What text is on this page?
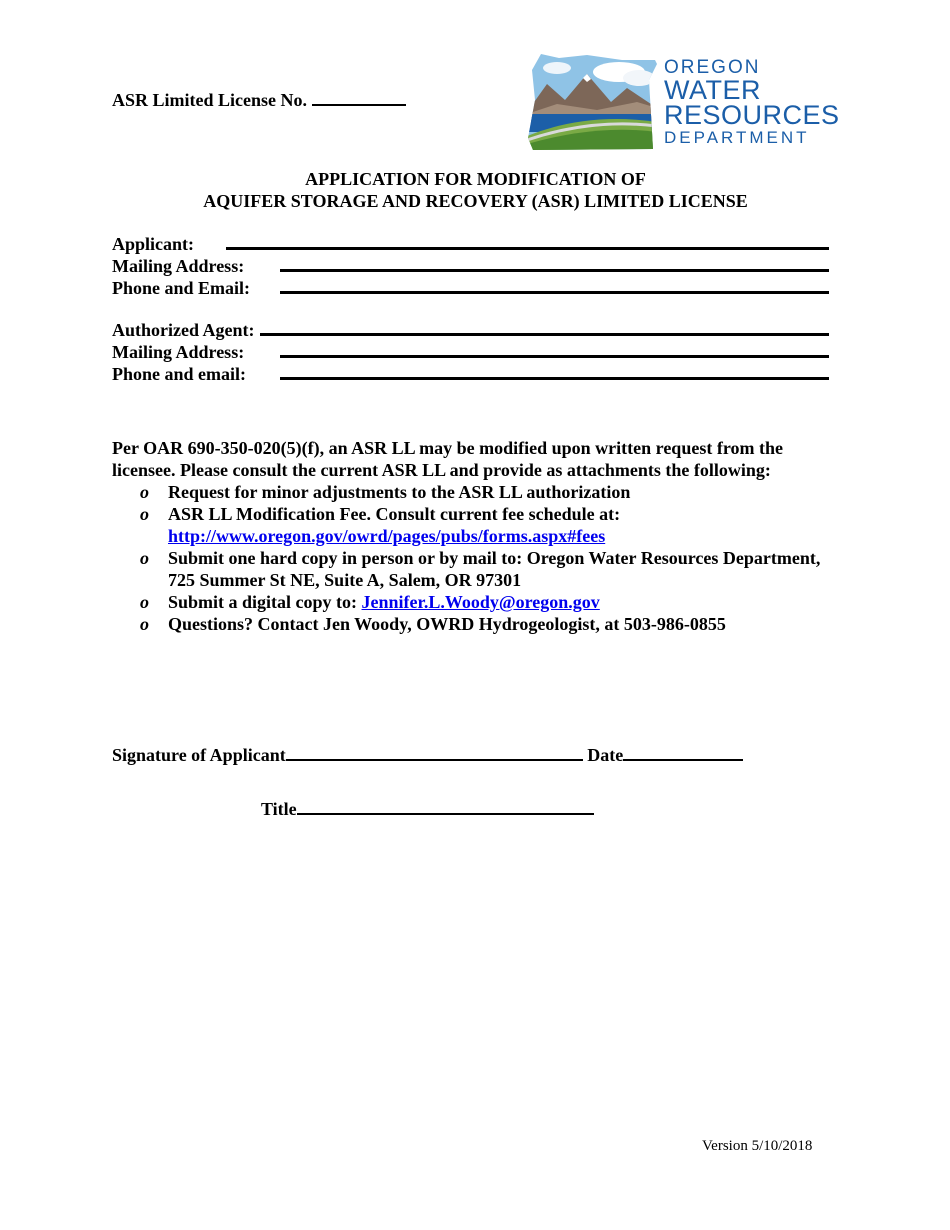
ASR Limited License No.
OREGON
WATER
RESOURCES
DEPARTMENT
APPLICATION FOR MODIFICATION OF
AQUIFER STORAGE AND RECOVERY (ASR) LIMITED LICENSE
Applicant:
Mailing Address:
Phone and Email:
Authorized Agent:
Mailing Address:
Phone and email:
Per OAR 690-350-020(5)(f), an ASR LL may be modified upon written request from the licensee. Please consult the current ASR LL and provide as attachments the following:
o	Request for minor adjustments to the ASR LL authorization
o	ASR LL Modification Fee. Consult current fee schedule at:
http://www.oregon.gov/owrd/pages/pubs/forms.aspx#fees
o	Submit one hard copy in person or by mail to: Oregon Water Resources Department, 725 Summer St NE, Suite A, Salem, OR 97301
o	Submit a digital copy to: Jennifer.L.Woody@oregon.gov
o	Questions? Contact Jen Woody, OWRD Hydrogeologist, at 503-986-0855
Signature of Applicant	Date
Title
Version 5/10/2018
